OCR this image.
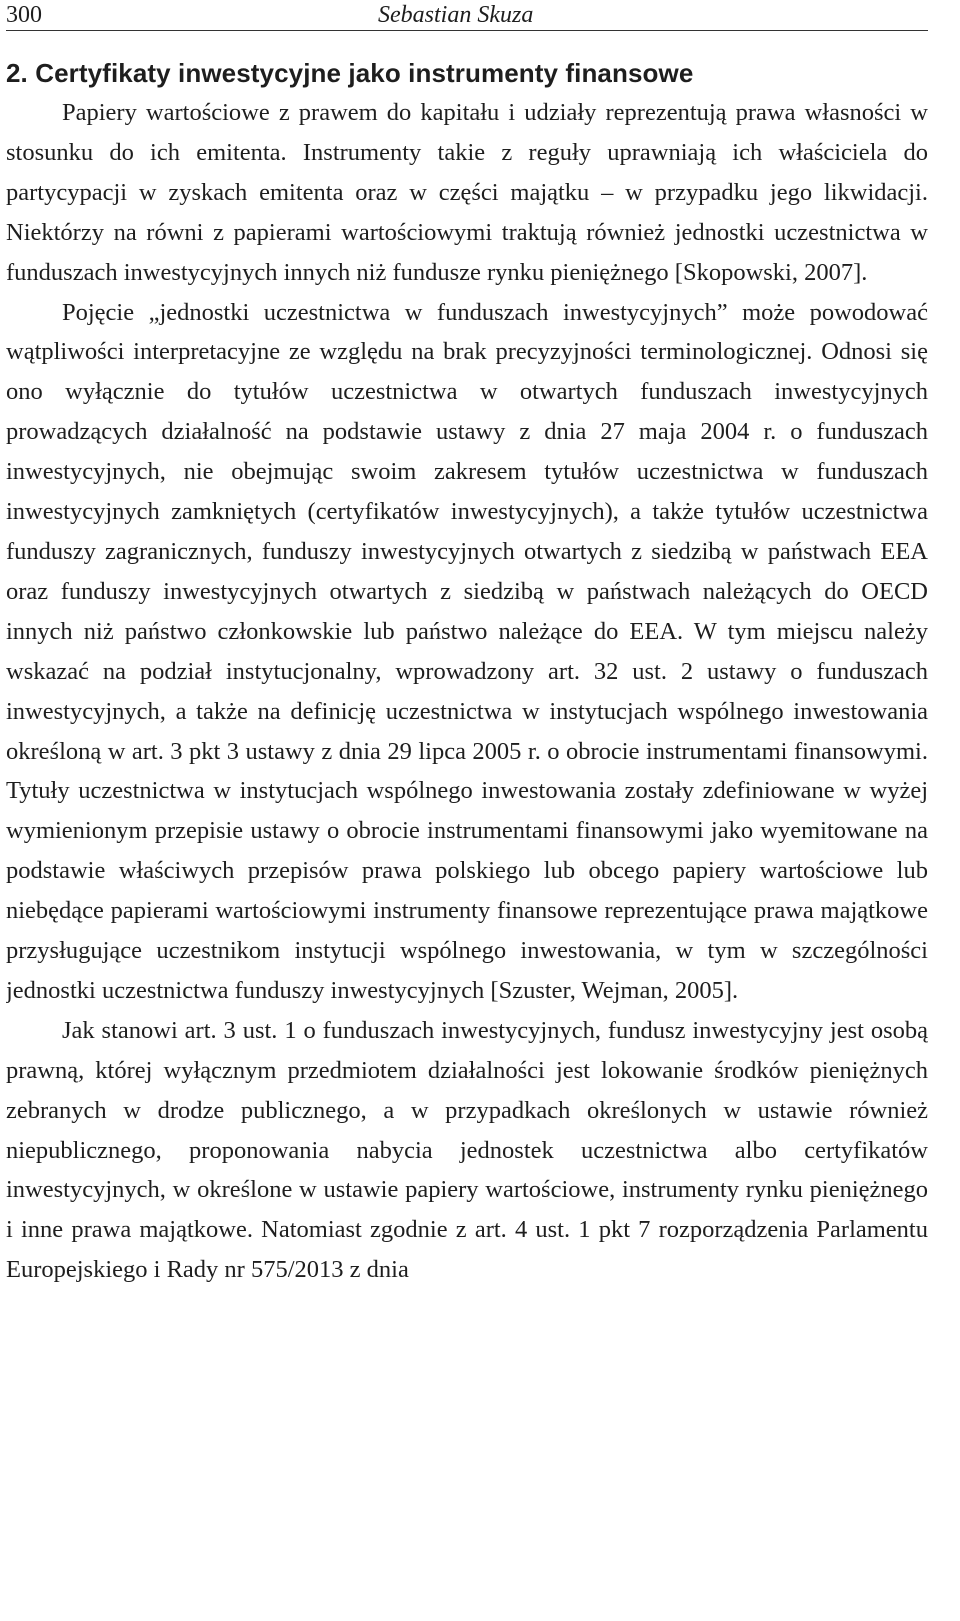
300	Sebastian Skuza
2. Certyfikaty inwestycyjne jako instrumenty finansowe

Papiery wartościowe z prawem do kapitału i udziały reprezentują prawa własności w stosunku do ich emitenta. Instrumenty takie z reguły uprawniają ich właściciela do partycypacji w zyskach emitenta oraz w części majątku – w przypadku jego likwidacji. Niektórzy na równi z papierami wartościowymi traktują również jednostki uczestnictwa w funduszach inwestycyjnych innych niż fundusze rynku pieniężnego [Skopowski, 2007].

Pojęcie „jednostki uczestnictwa w funduszach inwestycyjnych” może powodować wątpliwości interpretacyjne ze względu na brak precyzyjności terminologicznej. Odnosi się ono wyłącznie do tytułów uczestnictwa w otwartych funduszach inwestycyjnych prowadzących działalność na podstawie ustawy z dnia 27 maja 2004 r. o funduszach inwestycyjnych, nie obejmując swoim zakresem tytułów uczestnictwa w funduszach inwestycyjnych zamkniętych (certyfikatów inwestycyjnych), a także tytułów uczestnictwa funduszy zagranicznych, funduszy inwestycyjnych otwartych z siedzibą w państwach EEA oraz funduszy inwestycyjnych otwartych z siedzibą w państwach należących do OECD innych niż państwo członkowskie lub państwo należące do EEA. W tym miejscu należy wskazać na podział instytucjonalny, wprowadzony art. 32 ust. 2 ustawy o funduszach inwestycyjnych, a także na definicję uczestnictwa w instytucjach wspólnego inwestowania określoną w art. 3 pkt 3 ustawy z dnia 29 lipca 2005 r. o obrocie instrumentami finansowymi. Tytuły uczestnictwa w instytucjach wspólnego inwestowania zostały zdefiniowane w wyżej wymienionym przepisie ustawy o obrocie instrumentami finansowymi jako wyemitowane na podstawie właściwych przepisów prawa polskiego lub obcego papiery wartościowe lub niebędące papierami wartościowymi instrumenty finansowe reprezentujące prawa majątkowe przysługujące uczestnikom instytucji wspólnego inwestowania, w tym w szczególności jednostki uczestnictwa funduszy inwestycyjnych [Szuster, Wejman, 2005].

Jak stanowi art. 3 ust. 1 o funduszach inwestycyjnych, fundusz inwestycyjny jest osobą prawną, której wyłącznym przedmiotem działalności jest lokowanie środków pieniężnych zebranych w drodze publicznego, a w przypadkach określonych w ustawie również niepublicznego, proponowania nabycia jednostek uczestnictwa albo certyfikatów inwestycyjnych, w określone w ustawie papiery wartościowe, instrumenty rynku pieniężnego i inne prawa majątkowe. Natomiast zgodnie z art. 4 ust. 1 pkt 7 rozporządzenia Parlamentu Europejskiego i Rady nr 575/2013 z dnia
